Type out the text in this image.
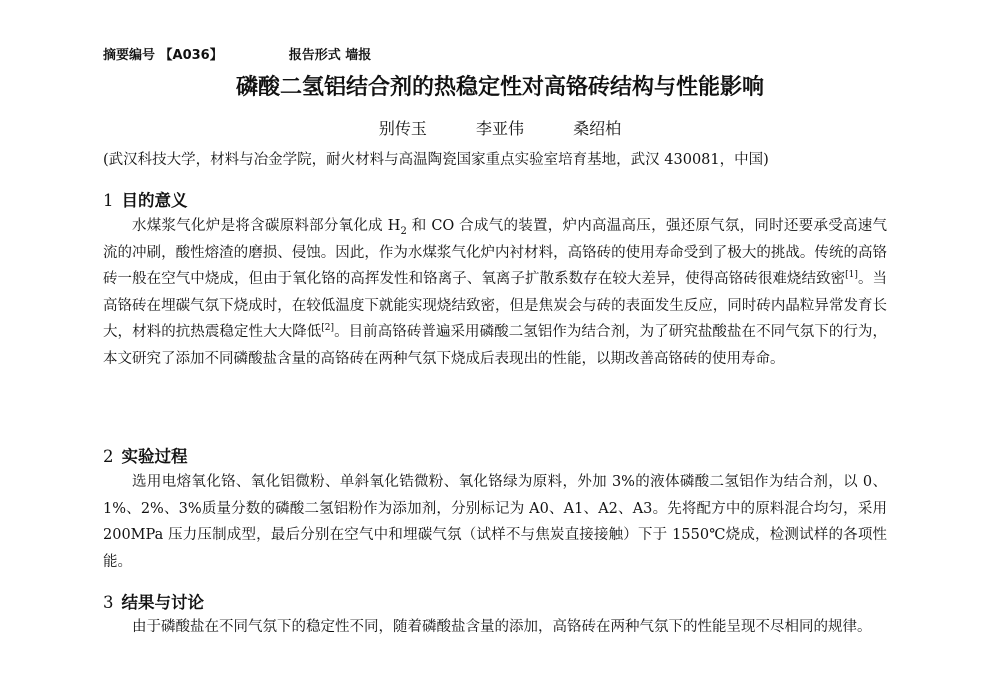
摘要编号 【A036】	报告形式 墙报
磷酸二氢铝结合剂的热稳定性对高铬砖结构与性能影响
别传玉	李亚伟	桑绍柏
(武汉科技大学，材料与冶金学院，耐火材料与高温陶瓷国家重点实验室培育基地，武汉 430081，中国)
1 目的意义
水煤浆气化炉是将含碳原料部分氧化成 $H_2$ 和 CO 合成气的装置，炉内高温高压，强还原气氛，同时还要承受高速气流的冲刷，酸性熔渣的磨损、侵蚀。因此，作为水煤浆气化炉内衬材料，高铬砖的使用寿命受到了极大的挑战。传统的高铬砖一般在空气中烧成，但由于氧化铬的高挥发性和铬离子、氧离子扩散系数存在较大差异，使得高铬砖很难烧结致密[1]。当高铬砖在埋碳气氛下烧成时，在较低温度下就能实现烧结致密，但是焦炭会与砖的表面发生反应，同时砖内晶粒异常发育长大，材料的抗热震稳定性大大降低[2]。目前高铬砖普遍采用磷酸二氢铝作为结合剂，为了研究盐酸盐在不同气氛下的行为，本文研究了添加不同磷酸盐含量的高铬砖在两种气氛下烧成后表现出的性能，以期改善高铬砖的使用寿命。
2 实验过程
选用电熔氧化铬、氧化铝微粉、单斜氧化锆微粉、氧化铬绿为原料，外加 3%的液体磷酸二氢铝作为结合剂，以 0、1%、2%、3%质量分数的磷酸二氢铝粉作为添加剂，分别标记为 A0、A1、A2、A3。先将配方中的原料混合均匀，采用 200MPa 压力压制成型，最后分别在空气中和埋碳气氛（试样不与焦炭直接接触）下于 1550℃烧成，检测试样的各项性能。
3 结果与讨论
由于磷酸盐在不同气氛下的稳定性不同，随着磷酸盐含量的添加，高铬砖在两种气氛下的性能呈现不尽相同的规律。
